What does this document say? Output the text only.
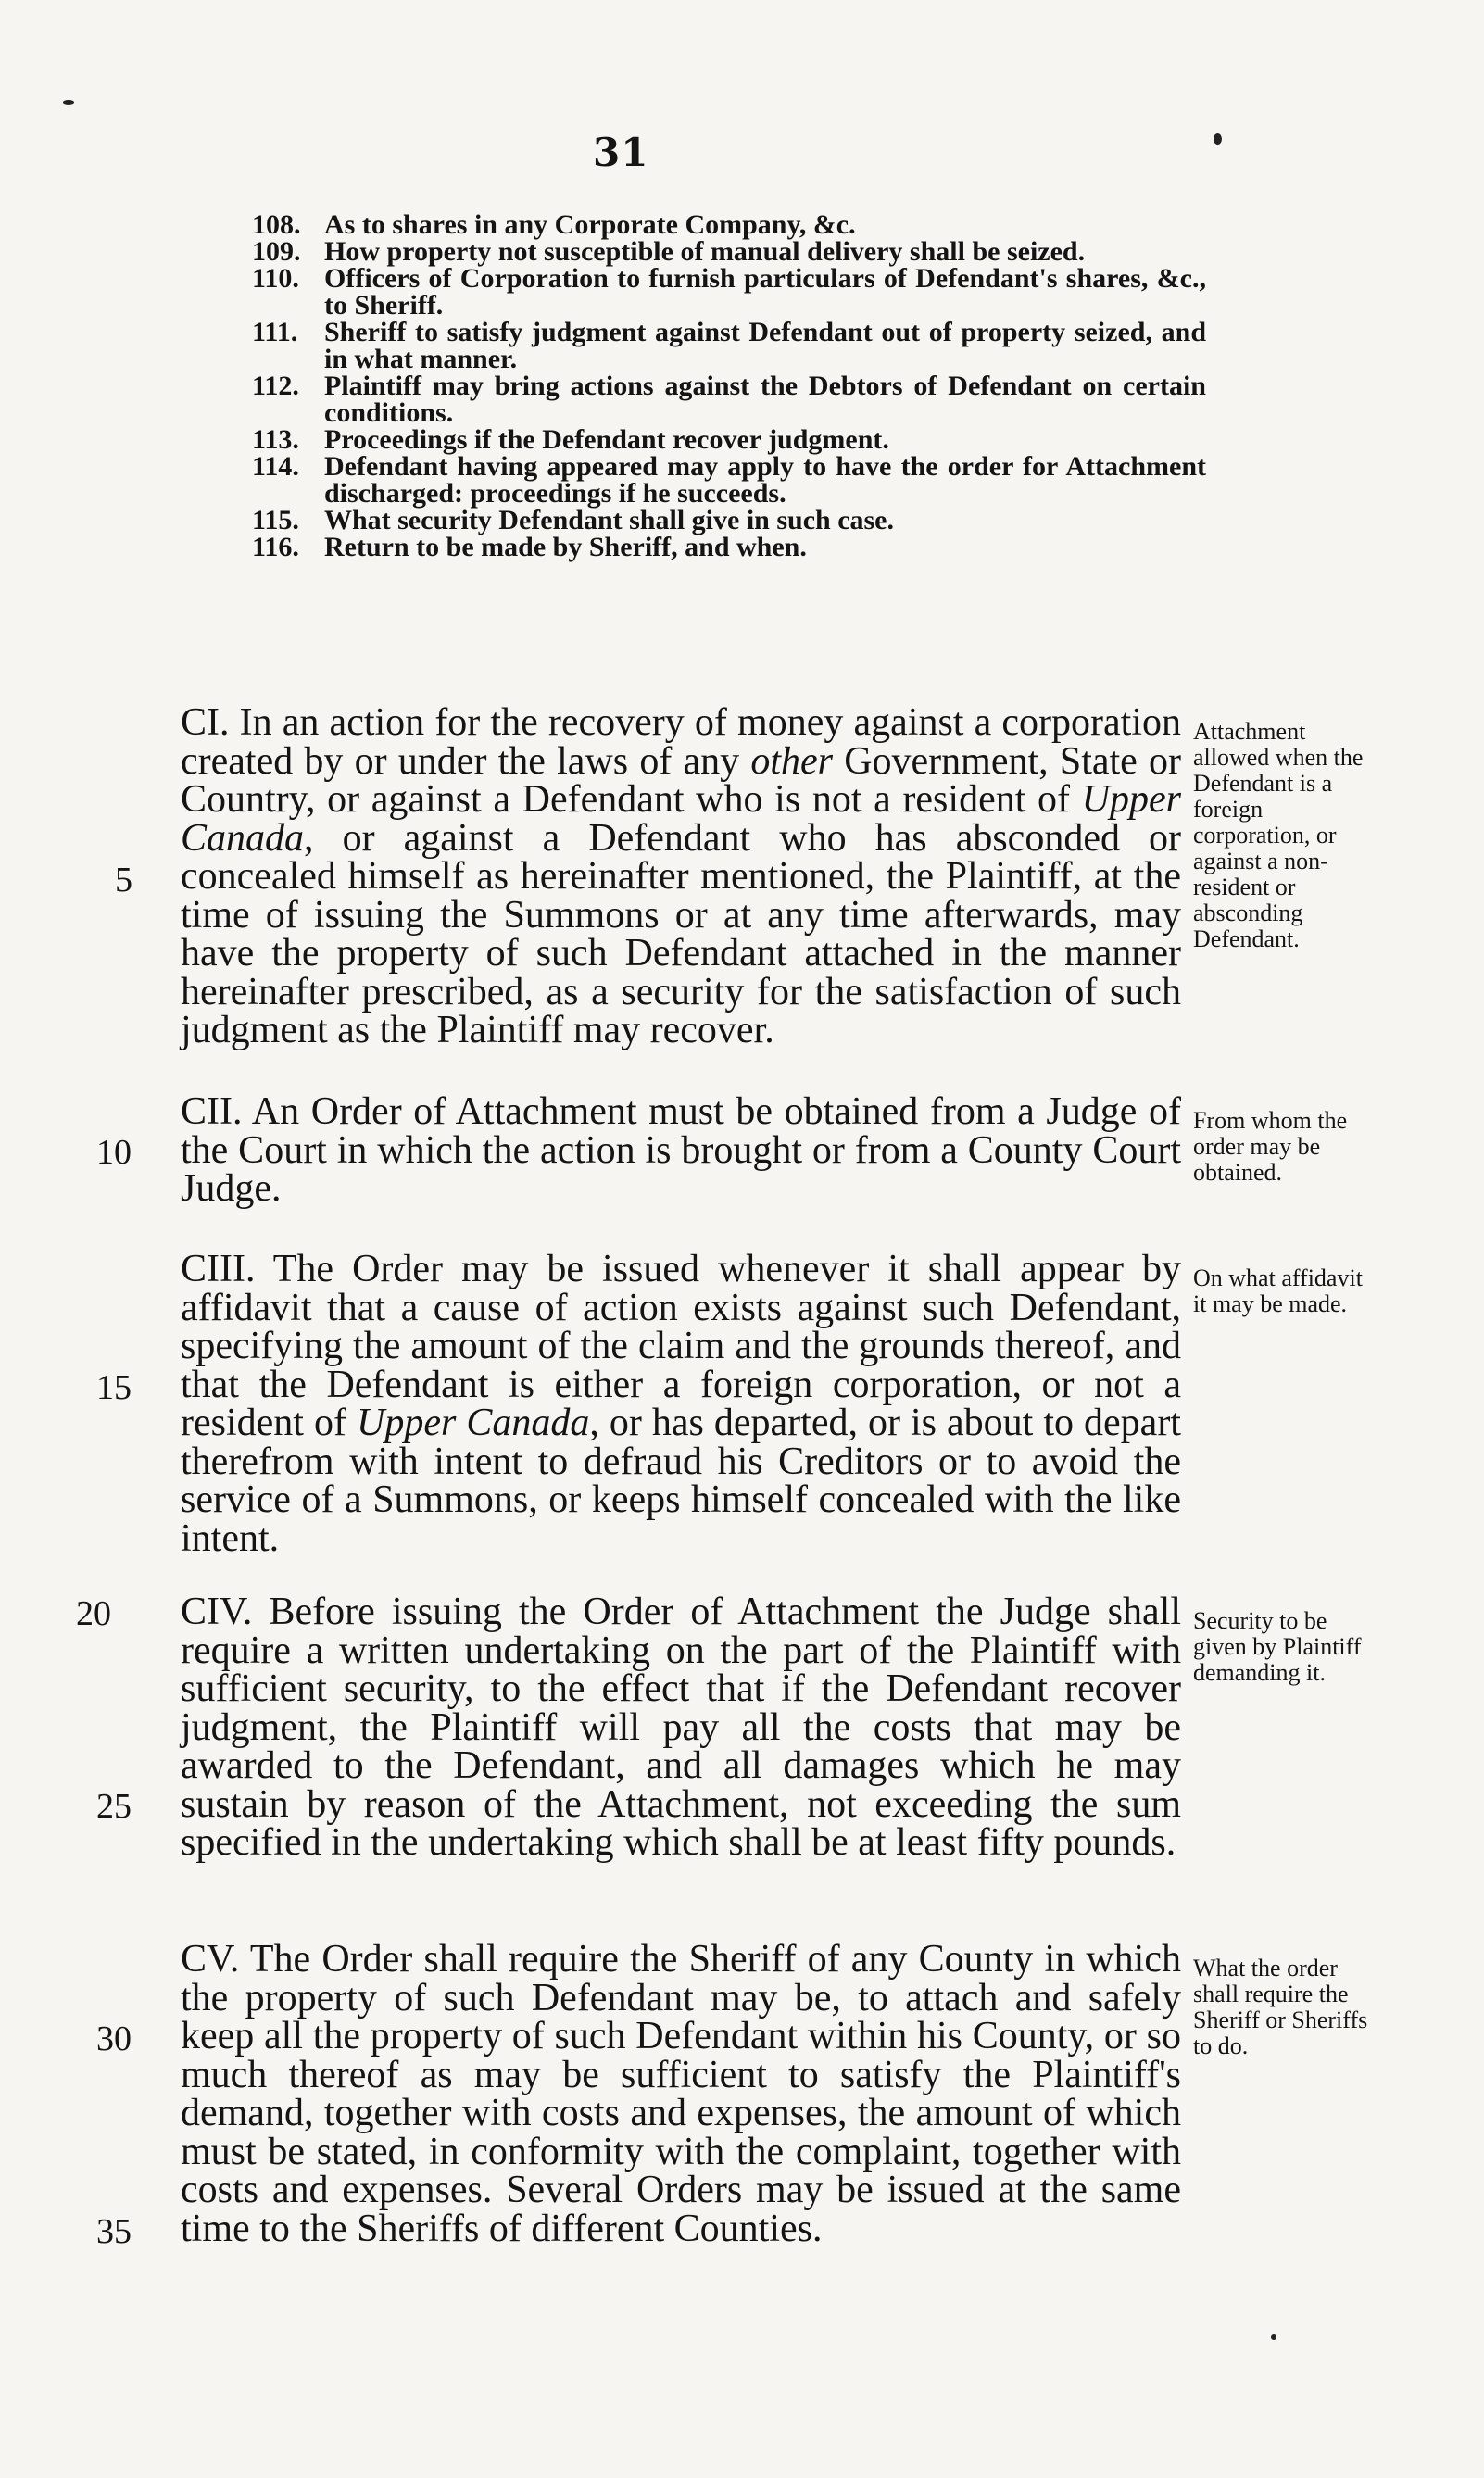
31
108. As to shares in any Corporate Company, &c.
109. How property not susceptible of manual delivery shall be seized.
110. Officers of Corporation to furnish particulars of Defendant's shares, &c., to Sheriff.
111. Sheriff to satisfy judgment against Defendant out of property seized, and in what manner.
112. Plaintiff may bring actions against the Debtors of Defendant on certain conditions.
113. Proceedings if the Defendant recover judgment.
114. Defendant having appeared may apply to have the order for Attachment discharged: proceedings if he succeeds.
115. What security Defendant shall give in such case.
116. Return to be made by Sheriff, and when.
CI. In an action for the recovery of money against a corporation created by or under the laws of any other Government, State or Country, or against a Defendant who is not a resident of Upper Canada, or against a Defendant who has absconded or concealed himself as hereinafter mentioned, the Plaintiff, at the time of issuing the Summons or at any time afterwards, may have the property of such Defendant attached in the manner hereinafter prescribed, as a security for the satisfaction of such judgment as the Plaintiff may recover.
5
Attachment allowed when the Defendant is a foreign corporation, or against a non-resident or absconding Defendant.
CII. An Order of Attachment must be obtained from a Judge of the Court in which the action is brought or from a County Court Judge.
10
From whom the order may be obtained.
CIII. The Order may be issued whenever it shall appear by affidavit that a cause of action exists against such Defendant, specifying the amount of the claim and the grounds thereof, and that the Defendant is either a foreign corporation, or not a resident of Upper Canada, or has departed, or is about to depart therefrom with intent to defraud his Creditors or to avoid the service of a Summons, or keeps himself concealed with the like intent.
15
On what affidavit it may be made.
CIV. Before issuing the Order of Attachment the Judge shall require a written undertaking on the part of the Plaintiff with sufficient security, to the effect that if the Defendant recover judgment, the Plaintiff will pay all the costs that may be awarded to the Defendant, and all damages which he may sustain by reason of the Attachment, not exceeding the sum specified in the undertaking which shall be at least fifty pounds.
20
25
Security to be given by Plaintiff demanding it.
CV. The Order shall require the Sheriff of any County in which the property of such Defendant may be, to attach and safely keep all the property of such Defendant within his County, or so much thereof as may be sufficient to satisfy the Plaintiff's demand, together with costs and expenses, the amount of which must be stated, in conformity with the complaint, together with costs and expenses. Several Orders may be issued at the same time to the Sheriffs of different Counties.
30
35
What the order shall require the Sheriff or Sheriffs to do.
